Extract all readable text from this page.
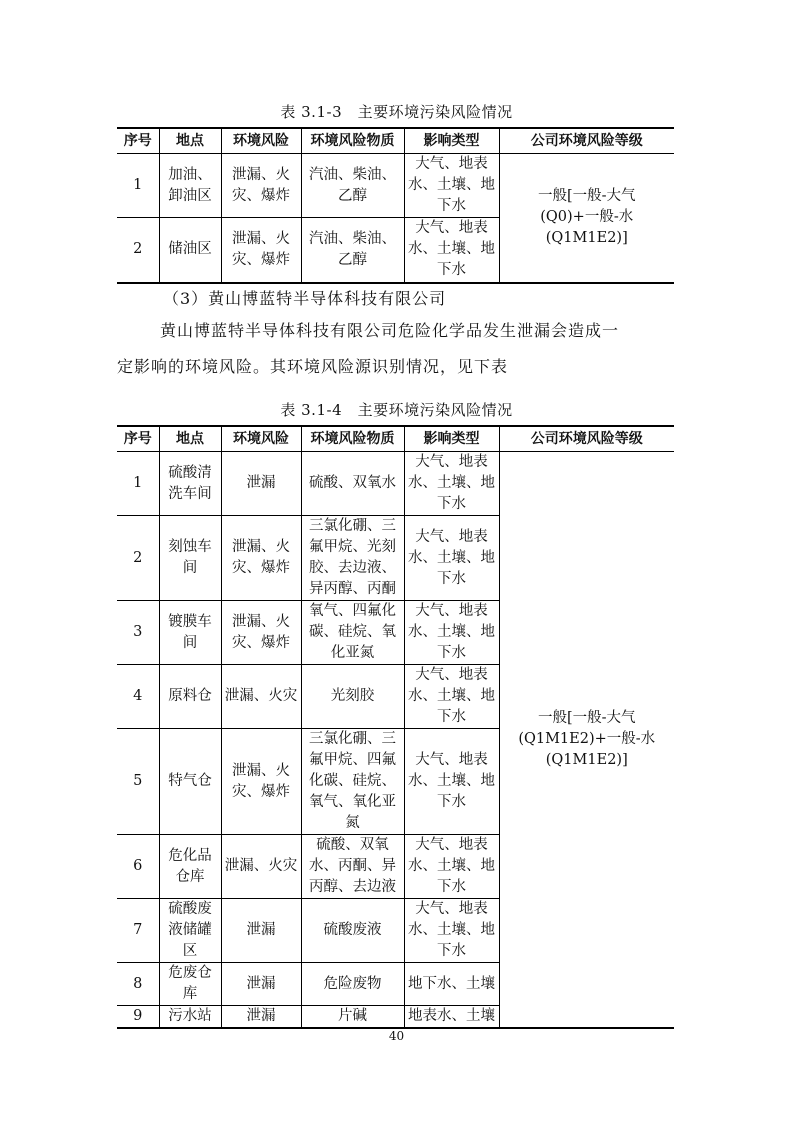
表 3.1-3　主要环境污染风险情况
序号	地点	环境风险	环境风险物质	影响类型	公司环境风险等级
1	加油、卸油区	泄漏、火灾、爆炸	汽油、柴油、乙醇	大气、地表水、土壤、地下水	一般[一般-大气(Q0)+一般-水(Q1M1E2)]
2	储油区	泄漏、火灾、爆炸	汽油、柴油、乙醇	大气、地表水、土壤、地下水	
（3）黄山博蓝特半导体科技有限公司
黄山博蓝特半导体科技有限公司危险化学品发生泄漏会造成一
定影响的环境风险。其环境风险源识别情况，见下表
表 3.1-4　主要环境污染风险情况
序号	地点	环境风险	环境风险物质	影响类型	公司环境风险等级
1	硫酸清洗车间	泄漏	硫酸、双氧水	大气、地表水、土壤、地下水	一般[一般-大气(Q1M1E2)+一般-水(Q1M1E2)]
2	刻蚀车间	泄漏、火灾、爆炸	三氯化硼、三氟甲烷、光刻胶、去边液、异丙醇、丙酮	大气、地表水、土壤、地下水	
3	镀膜车间	泄漏、火灾、爆炸	氧气、四氟化碳、硅烷、氧化亚氮	大气、地表水、土壤、地下水	
4	原料仓	泄漏、火灾	光刻胶	大气、地表水、土壤、地下水	
5	特气仓	泄漏、火灾、爆炸	三氯化硼、三氟甲烷、四氟化碳、硅烷、氧气、氧化亚氮	大气、地表水、土壤、地下水	
6	危化品仓库	泄漏、火灾	硫酸、双氧水、丙酮、异丙醇、去边液	大气、地表水、土壤、地下水	
7	硫酸废液储罐区	泄漏	硫酸废液	大气、地表水、土壤、地下水	
8	危废仓库	泄漏	危险废物	地下水、土壤	
9	污水站	泄漏	片碱	地表水、土壤	
40
